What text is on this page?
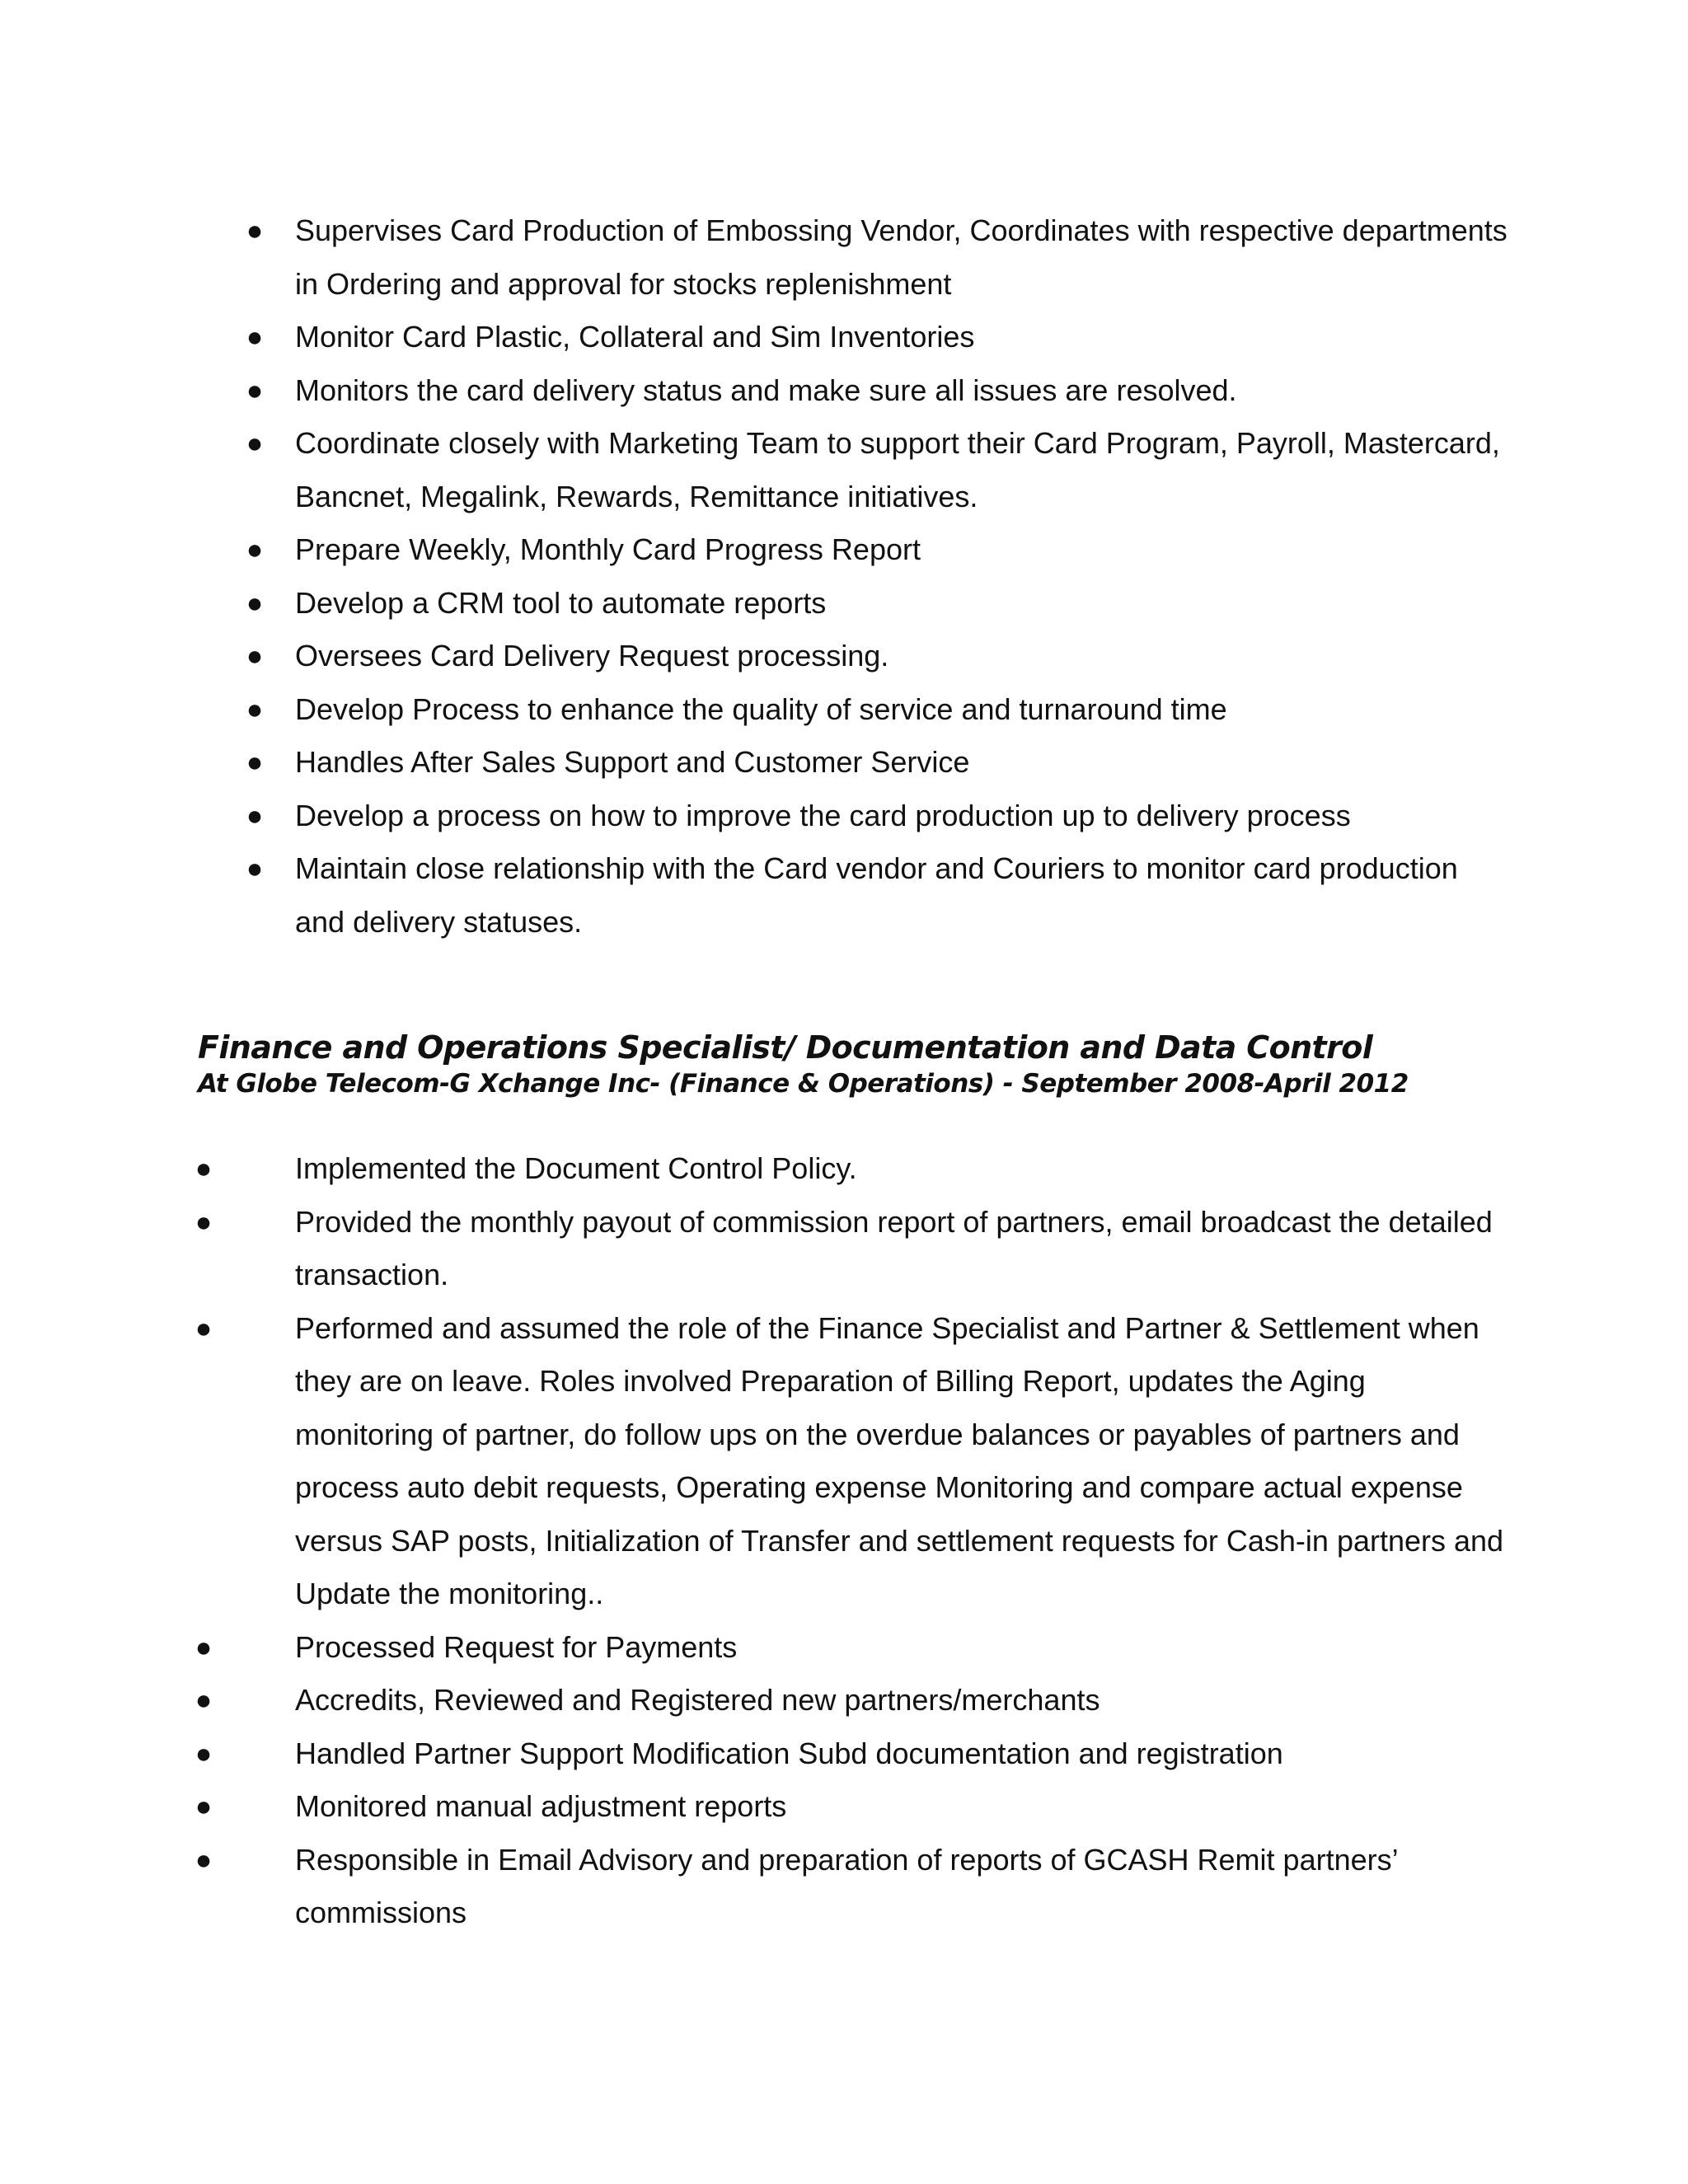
● Supervises Card Production of Embossing Vendor, Coordinates with respective departments in Ordering and approval for stocks replenishment
● Monitor Card Plastic, Collateral and Sim Inventories
● Monitors the card delivery status and make sure all issues are resolved.
● Coordinate closely with Marketing Team to support their Card Program, Payroll, Mastercard, Bancnet, Megalink, Rewards, Remittance initiatives.
● Prepare Weekly, Monthly Card Progress Report
● Develop a CRM tool to automate reports
● Oversees Card Delivery Request processing.
● Develop Process to enhance the quality of service and turnaround time
● Handles After Sales Support and Customer Service
● Develop a process on how to improve the card production up to delivery process
● Maintain close relationship with the Card vendor and Couriers to monitor card production and delivery statuses.
Finance and Operations Specialist/ Documentation and Data Control
At Globe Telecom-G Xchange Inc- (Finance & Operations) - September 2008-April 2012
●	Implemented the Document Control Policy.
●	Provided the monthly payout of commission report of partners, email broadcast the detailed transaction.
●	Performed and assumed the role of the Finance Specialist and Partner & Settlement when they are on leave. Roles involved Preparation of Billing Report, updates the Aging monitoring of partner, do follow ups on the overdue balances or payables of partners and process auto debit requests, Operating expense Monitoring and compare actual expense versus SAP posts, Initialization of Transfer and settlement requests for Cash-in partners and Update the monitoring..
●	Processed Request for Payments
●	Accredits, Reviewed and Registered new partners/merchants
●	Handled Partner Support Modification Subd documentation and registration
●	Monitored manual adjustment reports
●	Responsible in Email Advisory and preparation of reports of GCASH Remit partners’ commissions
